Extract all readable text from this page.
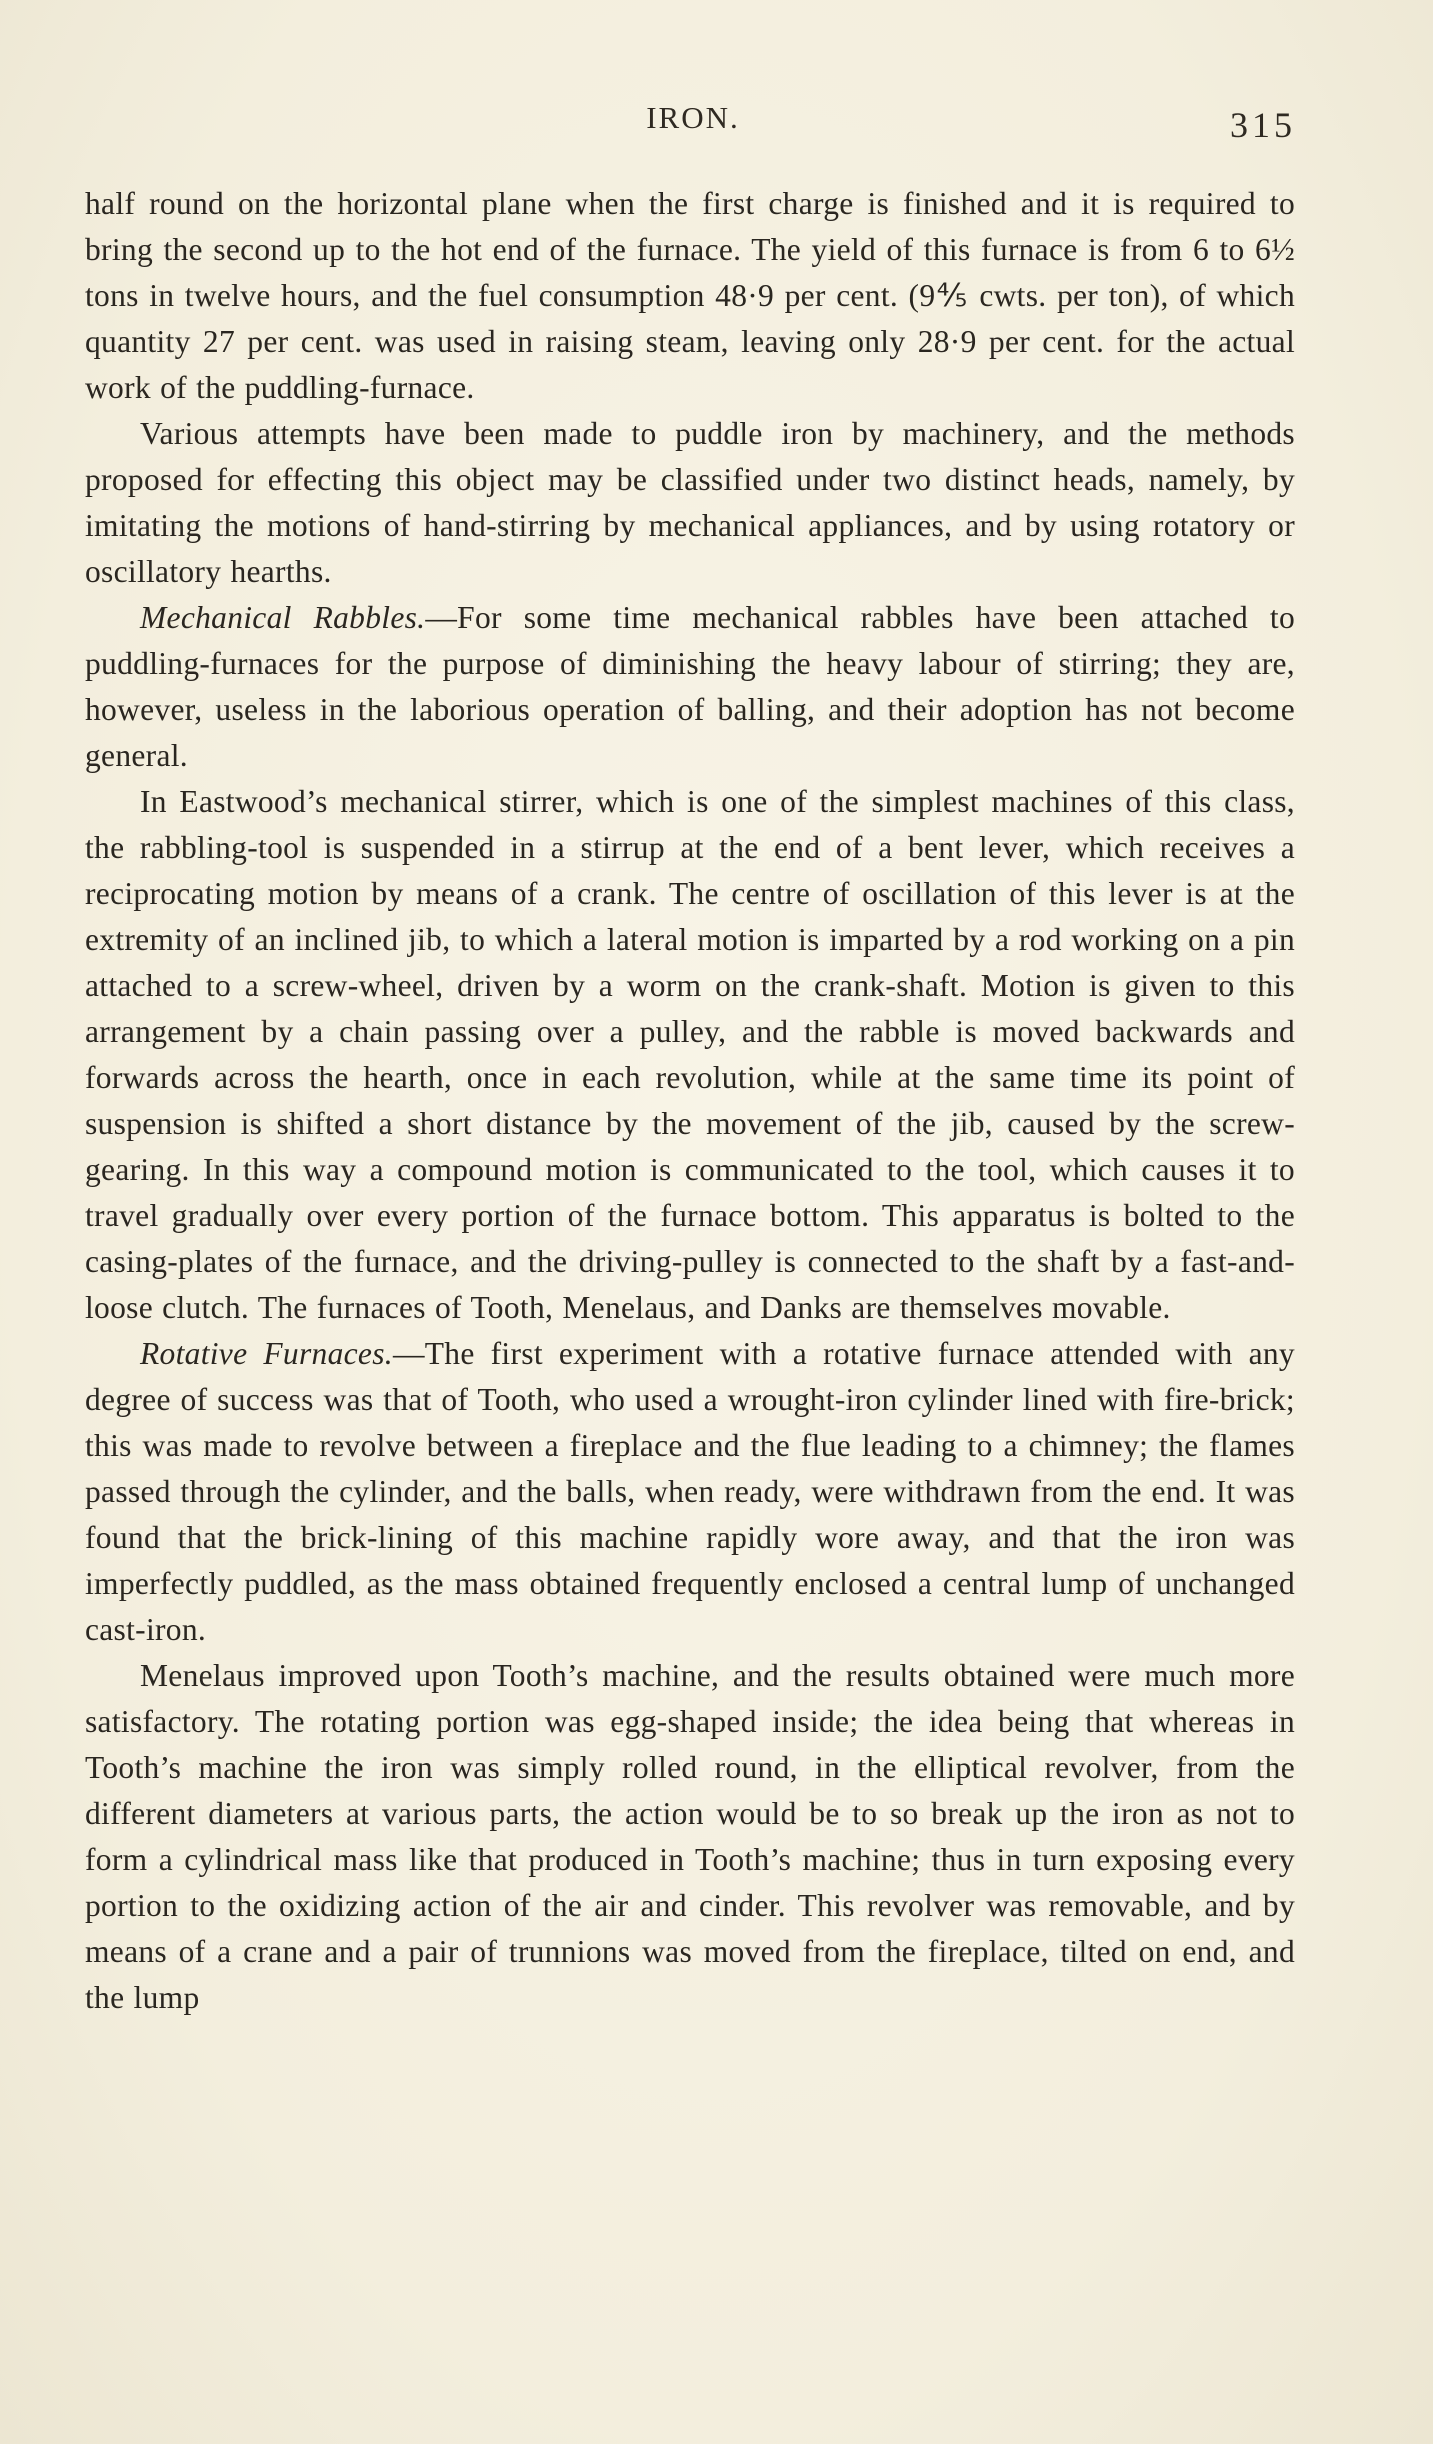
IRON.	315

half round on the horizontal plane when the first charge is finished and it is required to bring the second up to the hot end of the furnace. The yield of this furnace is from 6 to 6½ tons in twelve hours, and the fuel consumption 48·9 per cent. (9⅘ cwts. per ton), of which quantity 27 per cent. was used in raising steam, leaving only 28·9 per cent. for the actual work of the puddling-furnace.

Various attempts have been made to puddle iron by machinery, and the methods proposed for effecting this object may be classified under two distinct heads, namely, by imitating the motions of hand-stirring by mechanical appliances, and by using rotatory or oscillatory hearths.

Mechanical Rabbles.—For some time mechanical rabbles have been attached to puddling-furnaces for the purpose of diminishing the heavy labour of stirring; they are, however, useless in the laborious operation of balling, and their adoption has not become general.

In Eastwood’s mechanical stirrer, which is one of the simplest machines of this class, the rabbling-tool is suspended in a stirrup at the end of a bent lever, which receives a reciprocating motion by means of a crank. The centre of oscillation of this lever is at the extremity of an inclined jib, to which a lateral motion is imparted by a rod working on a pin attached to a screw-wheel, driven by a worm on the crank-shaft. Motion is given to this arrangement by a chain passing over a pulley, and the rabble is moved backwards and forwards across the hearth, once in each revolution, while at the same time its point of suspension is shifted a short distance by the movement of the jib, caused by the screw-gearing. In this way a compound motion is communicated to the tool, which causes it to travel gradually over every portion of the furnace bottom. This apparatus is bolted to the casing-plates of the furnace, and the driving-pulley is connected to the shaft by a fast-and-loose clutch. The furnaces of Tooth, Menelaus, and Danks are themselves movable.

Rotative Furnaces.—The first experiment with a rotative furnace attended with any degree of success was that of Tooth, who used a wrought-iron cylinder lined with fire-brick; this was made to revolve between a fireplace and the flue leading to a chimney; the flames passed through the cylinder, and the balls, when ready, were withdrawn from the end. It was found that the brick-lining of this machine rapidly wore away, and that the iron was imperfectly puddled, as the mass obtained frequently enclosed a central lump of unchanged cast-iron.

Menelaus improved upon Tooth’s machine, and the results obtained were much more satisfactory. The rotating portion was egg-shaped inside; the idea being that whereas in Tooth’s machine the iron was simply rolled round, in the elliptical revolver, from the different diameters at various parts, the action would be to so break up the iron as not to form a cylindrical mass like that produced in Tooth’s machine; thus in turn exposing every portion to the oxidizing action of the air and cinder. This revolver was removable, and by means of a crane and a pair of trunnions was moved from the fireplace, tilted on end, and the lump
